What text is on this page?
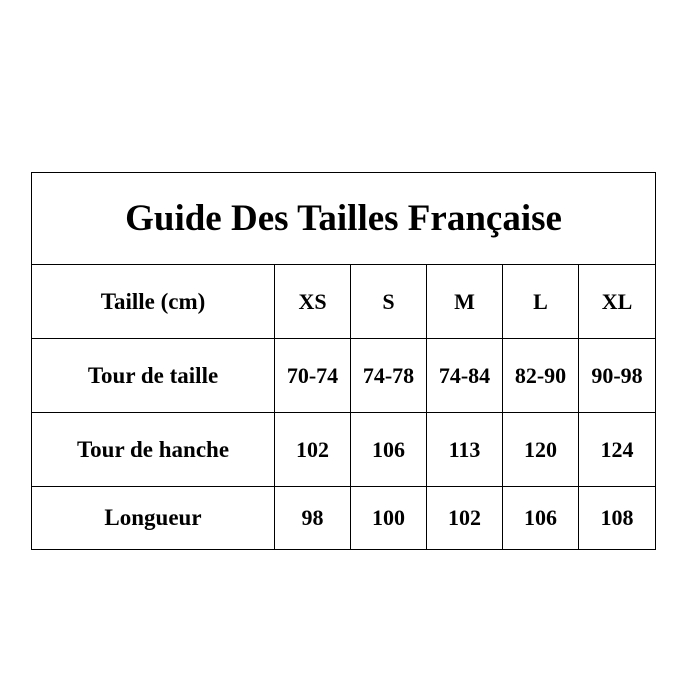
Guide Des Tailles Française					
Taille (cm)	XS	S	M	L	XL
Tour de taille	70-74	74-78	74-84	82-90	90-98
Tour de hanche	102	106	113	120	124
Longueur	98	100	102	106	108
